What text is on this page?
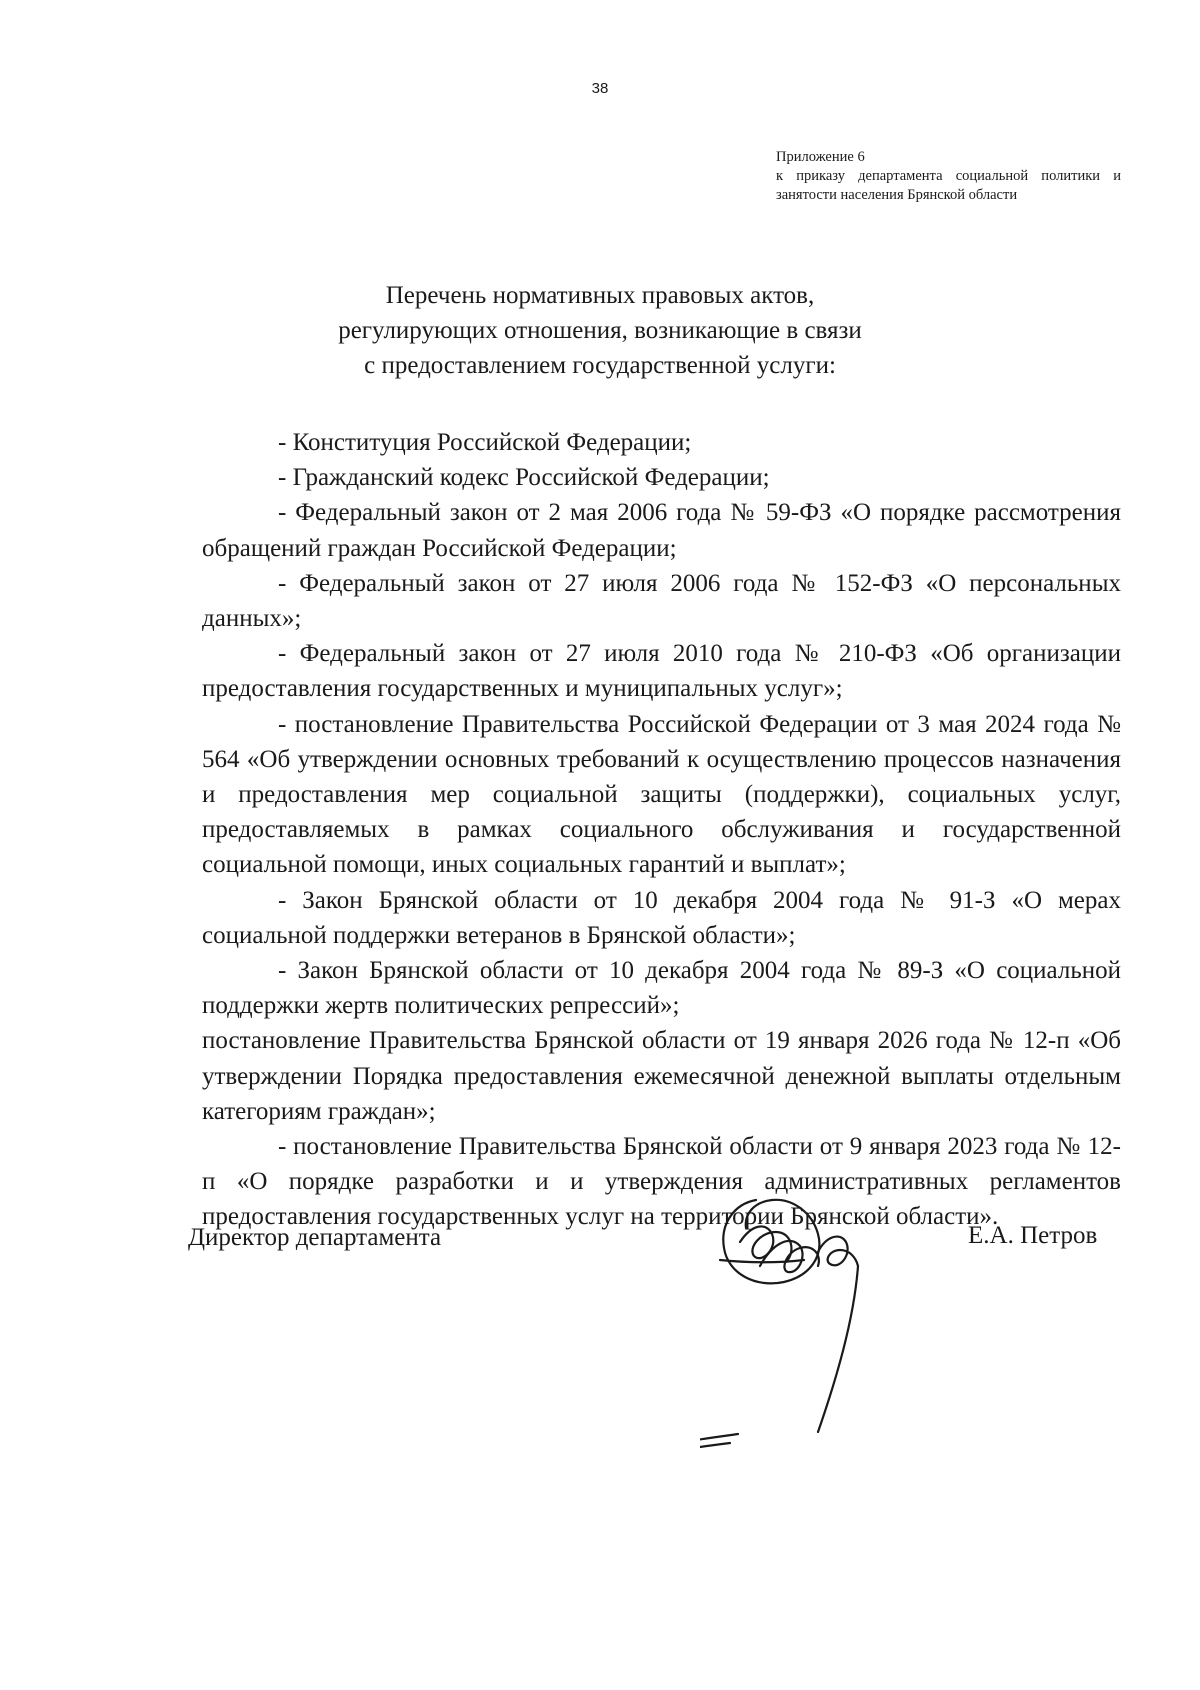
38
Приложение 6
к приказу департамента социальной политики и занятости населения Брянской области
Перечень нормативных правовых актов,
регулирующих отношения, возникающие в связи
с предоставлением государственной услуги:

- Конституция Российской Федерации;

- Гражданский кодекс Российской Федерации;

- Федеральный закон от 2 мая 2006 года № 59-ФЗ «О порядке рассмотрения обращений граждан Российской Федерации;

- Федеральный закон от 27 июля 2006 года № 152-ФЗ «О персональных данных»;

- Федеральный закон от 27 июля 2010 года № 210-ФЗ «Об организации предоставления государственных и муниципальных услуг»;

- постановление Правительства Российской Федерации от 3 мая 2024 года № 564 «Об утверждении основных требований к осуществлению процессов назначения и предоставления мер социальной защиты (поддержки), социальных услуг, предоставляемых в рамках социального обслуживания и государственной социальной помощи, иных социальных гарантий и выплат»;

- Закон Брянской области от 10 декабря 2004 года № 91-З «О мерах социальной поддержки ветеранов в Брянской области»;

- Закон Брянской области от 10 декабря 2004 года № 89-З «О социальной поддержки жертв политических репрессий»;

постановление Правительства Брянской области от 19 января 2026 года № 12-п «Об утверждении Порядка предоставления ежемесячной денежной выплаты отдельным категориям граждан»;

- постановление Правительства Брянской области от 9 января 2023 года № 12-п «О порядке разработки и и утверждения административных регламентов предоставления государственных услуг на территории Брянской области».

Директор департамента	Е.А. Петров
